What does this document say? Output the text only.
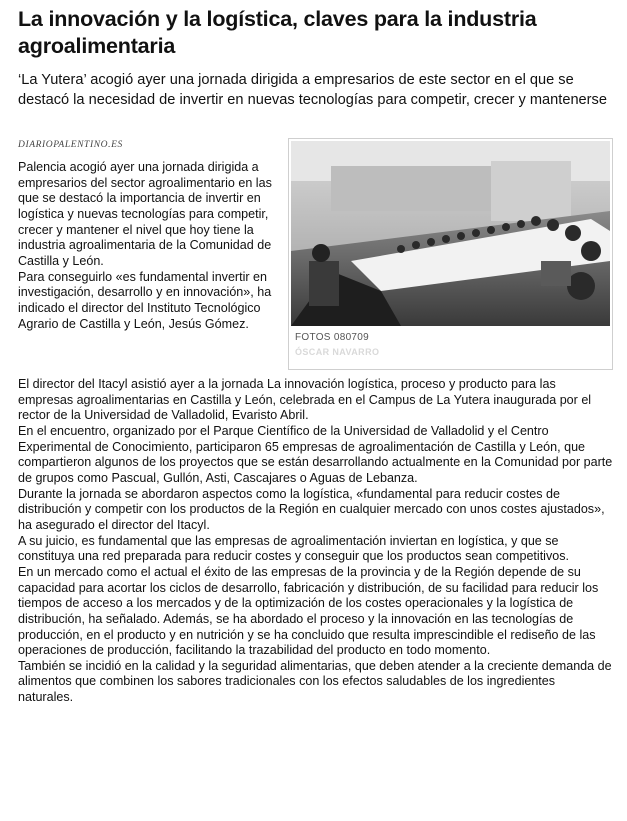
La innovación y la logística, claves para la industria agroalimentaria

‘La Yutera’ acogió ayer una jornada dirigida a empresarios de este sector en el que se destacó la necesidad de invertir en nuevas tecnologías para competir, crecer y mantenerse

DIARIOPALENTINO.ES
FOTOS 080709
ÓSCAR NAVARRO
Palencia acogió ayer una jornada dirigida a empresarios del sector agroalimentario en las que se destacó la importancia de invertir en logística y nuevas tecnologías para competir, crecer y mantener el nivel que hoy tiene la industria agroalimentaria de la Comunidad de Castilla y León.
Para conseguirlo «es fundamental invertir en investigación, desarrollo y en innovación», ha indicado el director del Instituto Tecnológico Agrario de Castilla y León, Jesús Gómez.
El director del Itacyl asistió ayer a la jornada La innovación logística, proceso y producto para las empresas agroalimentarias en Castilla y León, celebrada en el Campus de La Yutera inaugurada por el rector de la Universidad de Valladolid, Evaristo Abril.
En el encuentro, organizado por el Parque Científico de la Universidad de Valladolid y el Centro Experimental de Conocimiento, participaron 65 empresas de agroalimentación de Castilla y León, que compartieron algunos de los proyectos que se están desarrollando actualmente en la Comunidad por parte de grupos como Pascual, Gullón, Asti, Cascajares o Aguas de Lebanza.
Durante la jornada se abordaron aspectos como la logística, «fundamental para reducir costes de distribución y competir con los productos de la Región en cualquier mercado con unos costes ajustados», ha asegurado el director del Itacyl.
A su juicio, es fundamental que las empresas de agroalimentación inviertan en logística, y que se constituya una red preparada para reducir costes y conseguir que los productos sean competitivos.
En un mercado como el actual el éxito de las empresas de la provincia y de la Región depende de su capacidad para acortar los ciclos de desarrollo, fabricación y distribución, de su facilidad para reducir los tiempos de acceso a los mercados y de la optimización de los costes operacionales y la logística de distribución, ha señalado. Además, se ha abordado el proceso y la innovación en las tecnologías de producción, en el producto y en nutrición y se ha concluido que resulta imprescindible el rediseño de las operaciones de producción, facilitando la trazabilidad del producto en todo momento.
También se incidió en la calidad y la seguridad alimentarias, que deben atender a la creciente demanda de alimentos que combinen los sabores tradicionales con los efectos saludables de los ingredientes naturales.
